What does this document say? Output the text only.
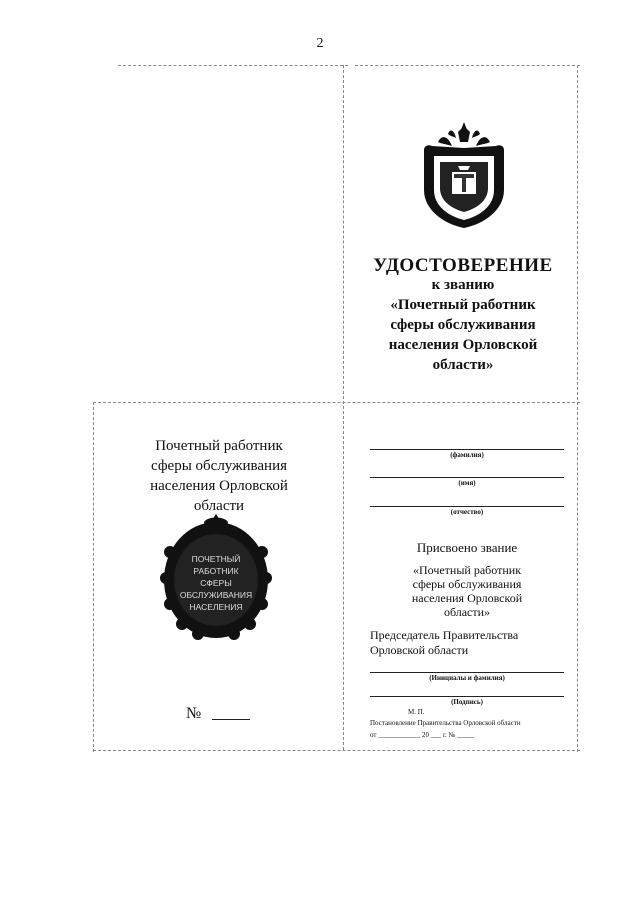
2
УДОСТОВЕРЕНИЕ
к званию
«Почетный работник
сферы обслуживания
населения Орловской
области»
Почетный работник
сферы обслуживания
населения Орловской
области
ПОЧЕТНЫЙ
РАБОТНИК
СФЕРЫ
ОБСЛУЖИВАНИЯ
НАСЕЛЕНИЯ
№
(фамилия)
(имя)
(отчество)
Присвоено звание
«Почетный работник
сферы обслуживания
населения Орловской
области»
Председатель Правительства
Орловской области
(Инициалы и фамилия)
(Подпись)
М. П.
Постановление Правительства Орловской области
от ____________ 20 ___ г. № _____
